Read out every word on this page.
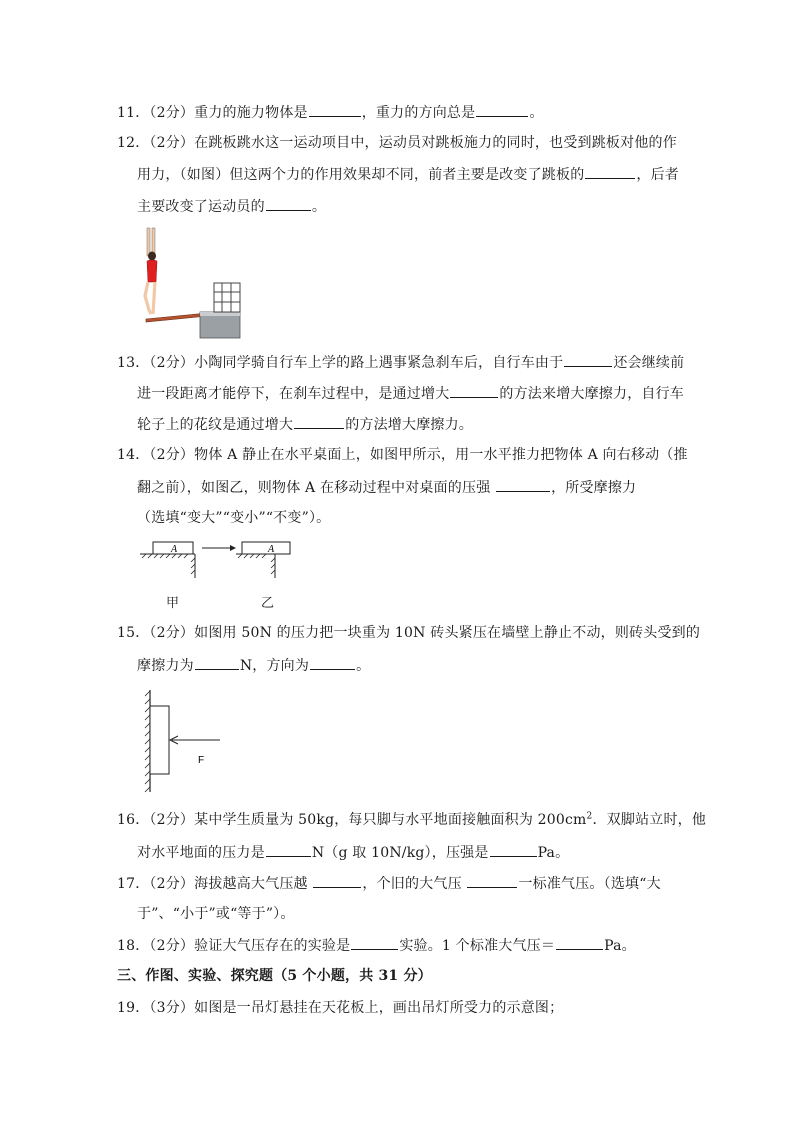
11．（2分）重力的施力物体是	，重力的方向总是	。
12．（2分）在跳板跳水这一运动项目中，运动员对跳板施力的同时，也受到跳板对他的作
用力，（如图）但这两个力的作用效果却不同，前者主要是改变了跳板的	，后者
主要改变了运动员的	。
13．（2分）小陶同学骑自行车上学的路上遇事紧急刹车后，自行车由于	还会继续前
进一段距离才能停下，在刹车过程中，是通过增大	的方法来增大摩擦力，自行车
轮子上的花纹是通过增大	的方法增大摩擦力。
14．（2分）物体 A 静止在水平桌面上，如图甲所示，用一水平推力把物体 A 向右移动（推
翻之前），如图乙，则物体 A 在移动过程中对桌面的压强	，所受摩擦力
（选填“变大”“变小”“不变”）。
A	A
甲	乙
15．（2分）如图用 50N 的压力把一块重为 10N 砖头紧压在墙壁上静止不动，则砖头受到的
摩擦力为	N，方向为	。
F
16．（2分）某中学生质量为 50kg，每只脚与水平地面接触面积为 $200cm^2$．双脚站立时，他
对水平地面的压力是	N（g 取 10N/kg），压强是	Pa。
17．（2分）海拔越高大气压越	，个旧的大气压	一标准气压。（选填“大
于”、“小于”或“等于”）。
18．（2分）验证大气压存在的实验是	实验。1 个标准大气压＝	Pa。
三、作图、实验、探究题（5 个小题，共 31 分）
19．（3分）如图是一吊灯悬挂在天花板上，画出吊灯所受力的示意图；
